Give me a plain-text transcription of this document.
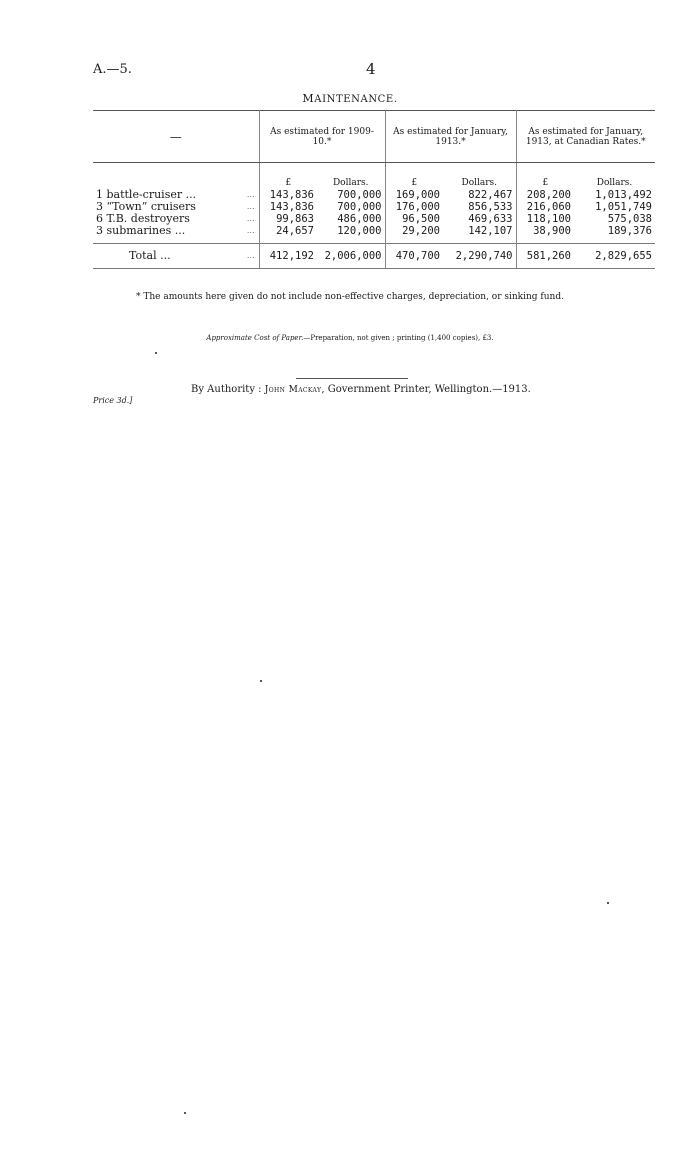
A.—5.	4
MAINTENANCE.
—		As estimated for 1909-10.*		As estimated for January, 1913.*		As estimated for January, 1913, at Canadian Rates.*	
		£	Dollars.	£	Dollars.	£	Dollars.
1 battle-cruiser ...	...	143,836	700,000	169,000	822,467	208,200	1,013,492
3 “Town” cruisers	...	143,836	700,000	176,000	856,533	216,060	1,051,749
6 T.B. destroyers	...	99,863	486,000	96,500	469,633	118,100	575,038
3 submarines ...	...	24,657	120,000	29,200	142,107	38,900	189,376

Total ...	...	412,192	2,006,000	470,700	2,290,740	581,260	2,829,655
* The amounts here given do not include non-effective charges, depreciation, or sinking fund.
Approximate Cost of Paper.—Preparation, not given ; printing (1,400 copies), £3.
By Authority : John Mackay, Government Printer, Wellington.—1913.
Price 3d.]
